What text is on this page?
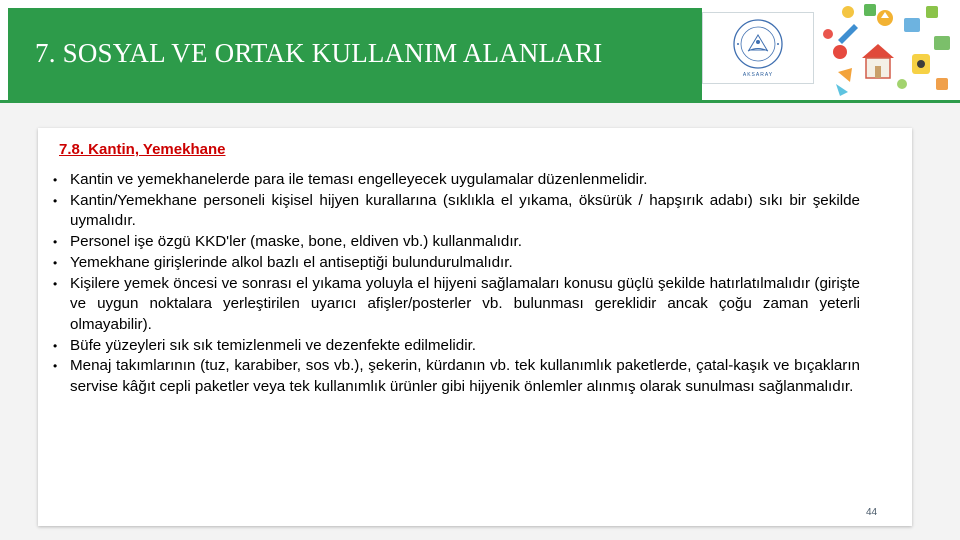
7. SOSYAL VE ORTAK KULLANIM ALANLARI
AKSARAY
7.8. Kantin, Yemekhane
• Kantin ve yemekhanelerde para ile teması engelleyecek uygulamalar düzenlenmelidir.
• Kantin/Yemekhane personeli kişisel hijyen kurallarına (sıklıkla el yıkama, öksürük / hapşırık adabı) sıkı bir şekilde uymalıdır.
• Personel işe özgü KKD'ler (maske, bone, eldiven vb.) kullanmalıdır.
• Yemekhane girişlerinde alkol bazlı el antiseptiği bulundurulmalıdır.
• Kişilere yemek öncesi ve sonrası el yıkama yoluyla el hijyeni sağlamaları konusu güçlü şekilde hatırlatılmalıdır (girişte ve uygun noktalara yerleştirilen uyarıcı afişler/posterler vb. bulunması gereklidir ancak çoğu zaman yeterli olmayabilir).
• Büfe yüzeyleri sık sık temizlenmeli ve dezenfekte edilmelidir.
• Menaj takımlarının (tuz, karabiber, sos vb.), şekerin, kürdanın vb. tek kullanımlık paketlerde, çatal-kaşık ve bıçakların servise kâğıt cepli paketler veya tek kullanımlık ürünler gibi hijyenik önlemler alınmış olarak sunulması sağlanmalıdır.
44
